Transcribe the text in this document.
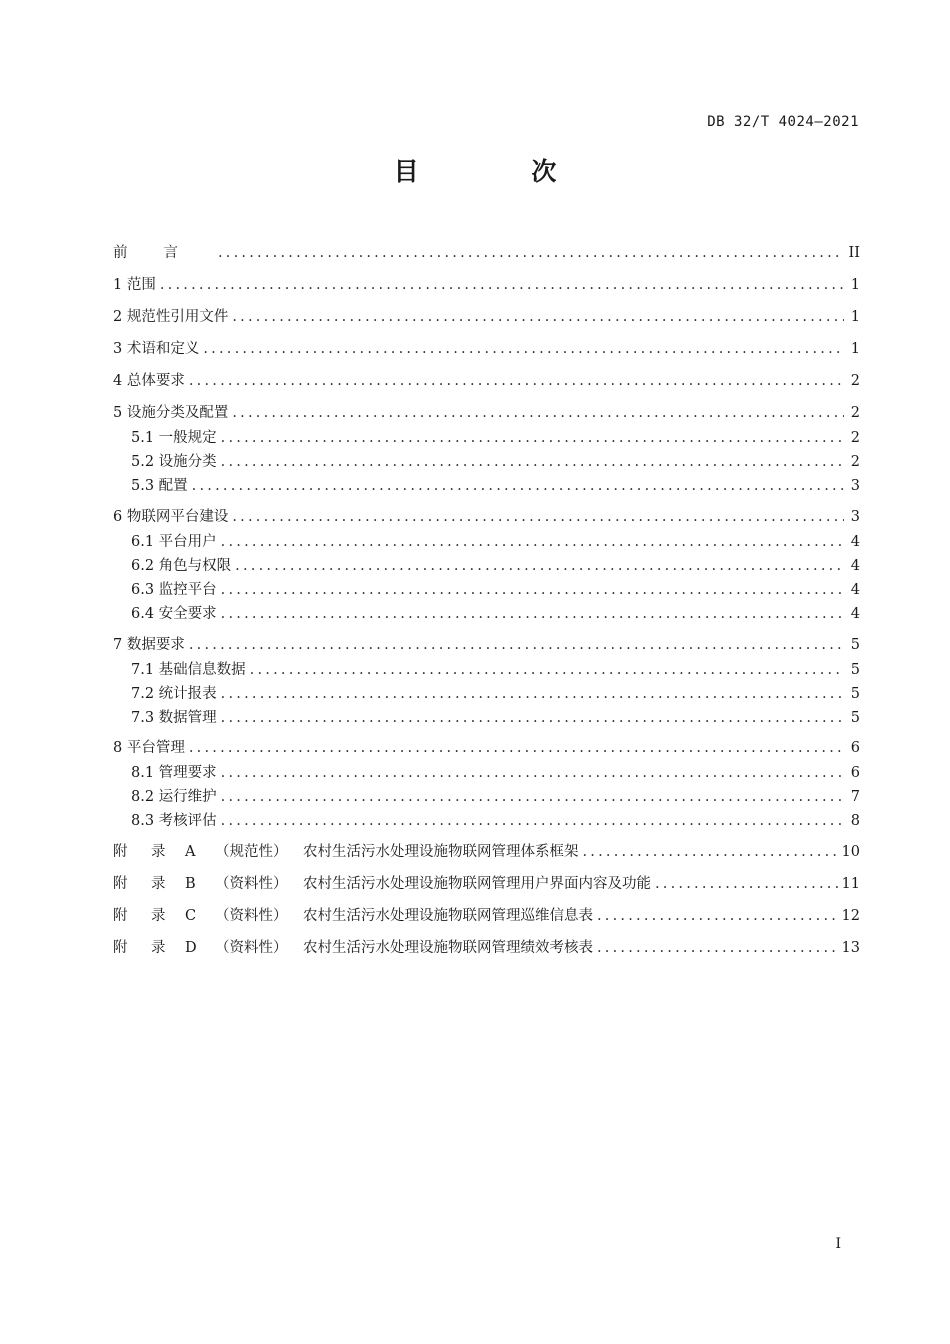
DB 32/T 4024—2021
目 次
前言 .....	II
1 范围 .....	1
2 规范性引用文件 .....	1
3 术语和定义 .....	1
4 总体要求 .....	2
5 设施分类及配置 .....	2
5.1 一般规定 .....	2
5.2 设施分类 .....	2
5.3 配置 .....	3
6 物联网平台建设 .....	3
6.1 平台用户 .....	4
6.2 角色与权限 .....	4
6.3 监控平台 .....	4
6.4 安全要求 .....	4
7 数据要求 .....	5
7.1 基础信息数据 .....	5
7.2 统计报表 .....	5
7.3 数据管理 .....	5
8 平台管理 .....	6
8.1 管理要求 .....	6
8.2 运行维护 .....	7
8.3 考核评估 .....	8
附 录 A （规范性） 农村生活污水处理设施物联网管理体系框架 .....	10
附 录 B （资料性） 农村生活污水处理设施物联网管理用户界面内容及功能 .....	11
附 录 C （资料性） 农村生活污水处理设施物联网管理巡维信息表 .....	12
附 录 D （资料性） 农村生活污水处理设施物联网管理绩效考核表 .....	13
I
